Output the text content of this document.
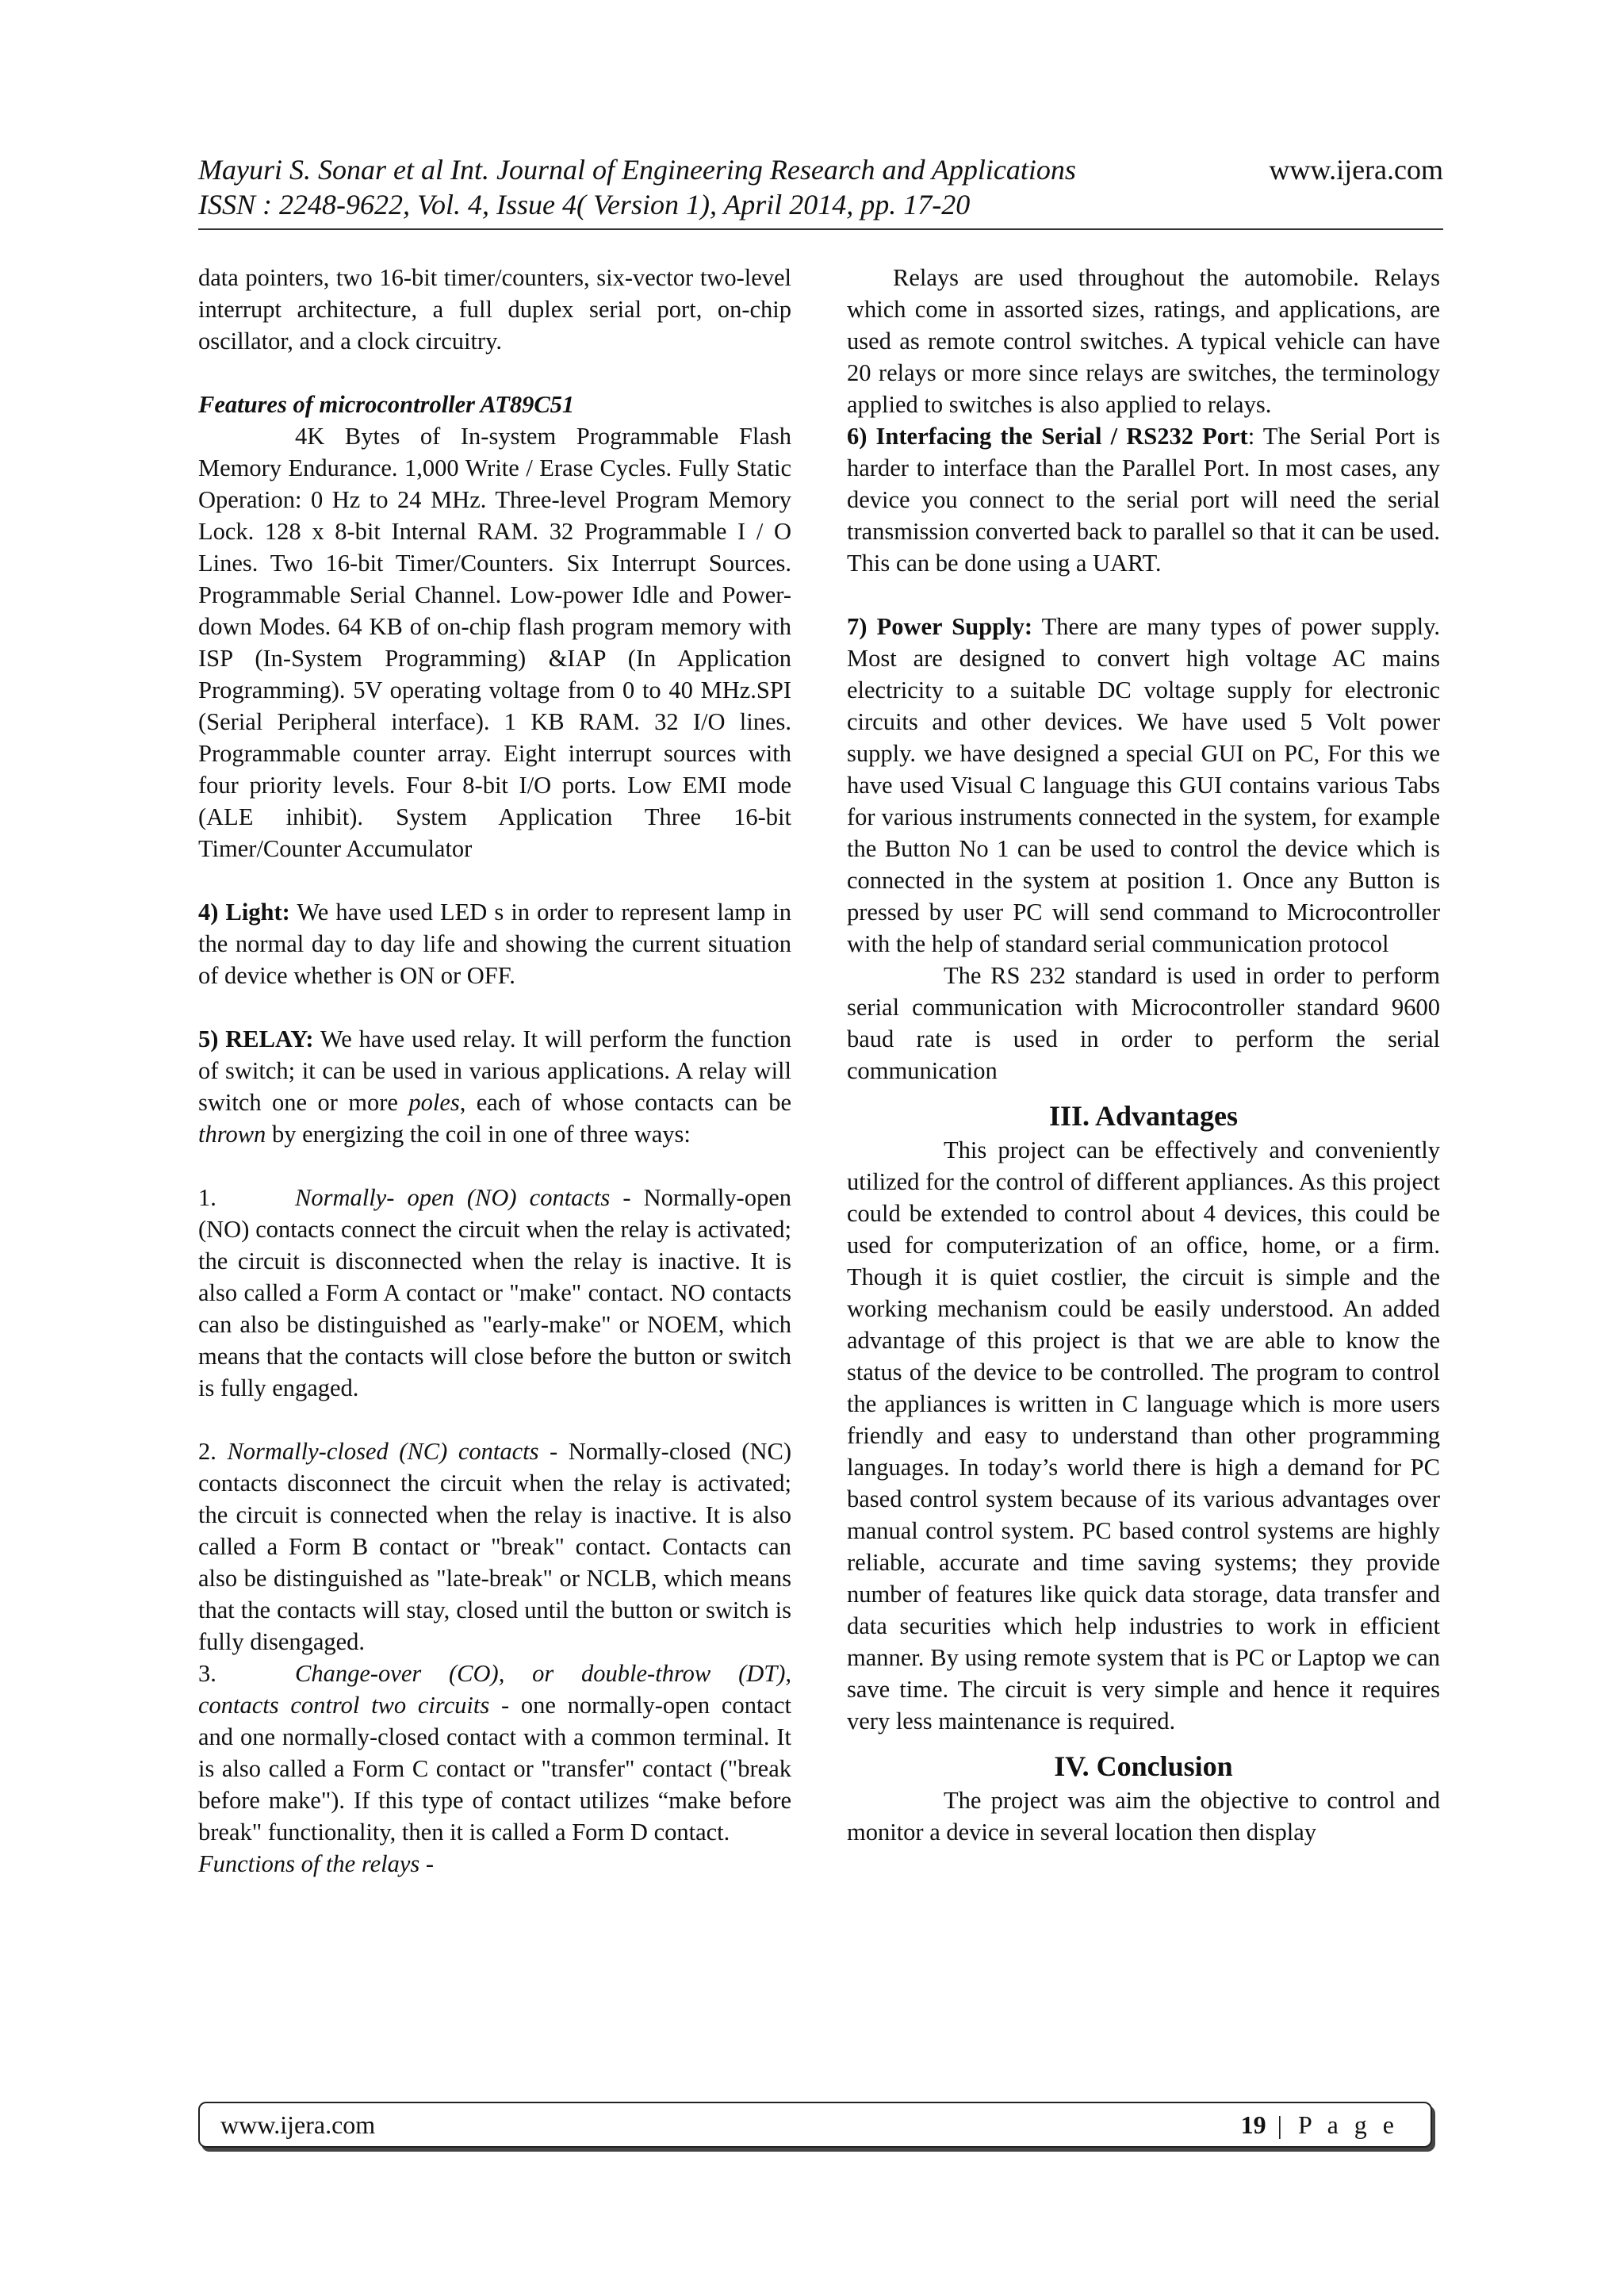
Mayuri S. Sonar et al Int. Journal of Engineering Research and Applications	www.ijera.com
ISSN : 2248-9622, Vol. 4, Issue 4( Version 1), April 2014, pp. 17-20

data pointers, two 16-bit timer/counters, six-vector two-level interrupt architecture, a full duplex serial port, on-chip oscillator, and a clock circuitry.

Features of microcontroller AT89C51

4K Bytes of In-system Programmable Flash Memory Endurance. 1,000 Write / Erase Cycles. Fully Static Operation: 0 Hz to 24 MHz. Three-level Program Memory Lock. 128 x 8-bit Internal RAM. 32 Programmable I / O Lines. Two 16-bit Timer/Counters. Six Interrupt Sources. Programmable Serial Channel. Low-power Idle and Power-down Modes. 64 KB of on-chip flash program memory with ISP (In-System Programming) &IAP (In Application Programming). 5V operating voltage from 0 to 40 MHz.SPI (Serial Peripheral interface). 1 KB RAM. 32 I/O lines. Programmable counter array. Eight interrupt sources with four priority levels. Four 8-bit I/O ports. Low EMI mode (ALE inhibit). System Application Three 16-bit Timer/Counter Accumulator

4) Light: We have used LED s in order to represent lamp in the normal day to day life and showing the current situation of device whether is ON or OFF.

5) RELAY: We have used relay. It will perform the function of switch; it can be used in various applications. A relay will switch one or more poles, each of whose contacts can be thrown by energizing the coil in one of three ways:

1.	Normally- open (NO) contacts - Normally-open (NO) contacts connect the circuit when the relay is activated; the circuit is disconnected when the relay is inactive. It is also called a Form A contact or "make" contact. NO contacts can also be distinguished as "early-make" or NOEM, which means that the contacts will close before the button or switch is fully engaged.

2. Normally-closed (NC) contacts - Normally-closed (NC) contacts disconnect the circuit when the relay is activated; the circuit is connected when the relay is inactive. It is also called a Form B contact or "break" contact. Contacts can also be distinguished as "late-break" or NCLB, which means that the contacts will stay, closed until the button or switch is fully disengaged.

3.	Change-over (CO), or double-throw (DT), contacts control two circuits - one normally-open contact and one normally-closed contact with a common terminal. It is also called a Form C contact or "transfer" contact ("break before make"). If this type of contact utilizes “make before break" functionality, then it is called a Form D contact.

Functions of the relays -

Relays are used throughout the automobile. Relays which come in assorted sizes, ratings, and applications, are used as remote control switches. A typical vehicle can have 20 relays or more since relays are switches, the terminology applied to switches is also applied to relays.

6) Interfacing the Serial / RS232 Port: The Serial Port is harder to interface than the Parallel Port. In most cases, any device you connect to the serial port will need the serial transmission converted back to parallel so that it can be used. This can be done using a UART.

7) Power Supply: There are many types of power supply. Most are designed to convert high voltage AC mains electricity to a suitable DC voltage supply for electronic circuits and other devices. We have used 5 Volt power supply. we have designed a special GUI on PC, For this we have used Visual C language this GUI contains various Tabs for various instruments connected in the system, for example the Button No 1 can be used to control the device which is connected in the system at position 1. Once any Button is pressed by user PC will send command to Microcontroller with the help of standard serial communication protocol

The RS 232 standard is used in order to perform serial communication with Microcontroller standard 9600 baud rate is used in order to perform the serial communication

III. Advantages

This project can be effectively and conveniently utilized for the control of different appliances. As this project could be extended to control about 4 devices, this could be used for computerization of an office, home, or a firm. Though it is quiet costlier, the circuit is simple and the working mechanism could be easily understood. An added advantage of this project is that we are able to know the status of the device to be controlled. The program to control the appliances is written in C language which is more users friendly and easy to understand than other programming languages. In today’s world there is high a demand for PC based control system because of its various advantages over manual control system. PC based control systems are highly reliable, accurate and time saving systems; they provide number of features like quick data storage, data transfer and data securities which help industries to work in efficient manner. By using remote system that is PC or Laptop we can save time. The circuit is very simple and hence it requires very less maintenance is required.

IV. Conclusion

The project was aim the objective to control and monitor a device in several location then display

www.ijera.com	19 | P a g e
